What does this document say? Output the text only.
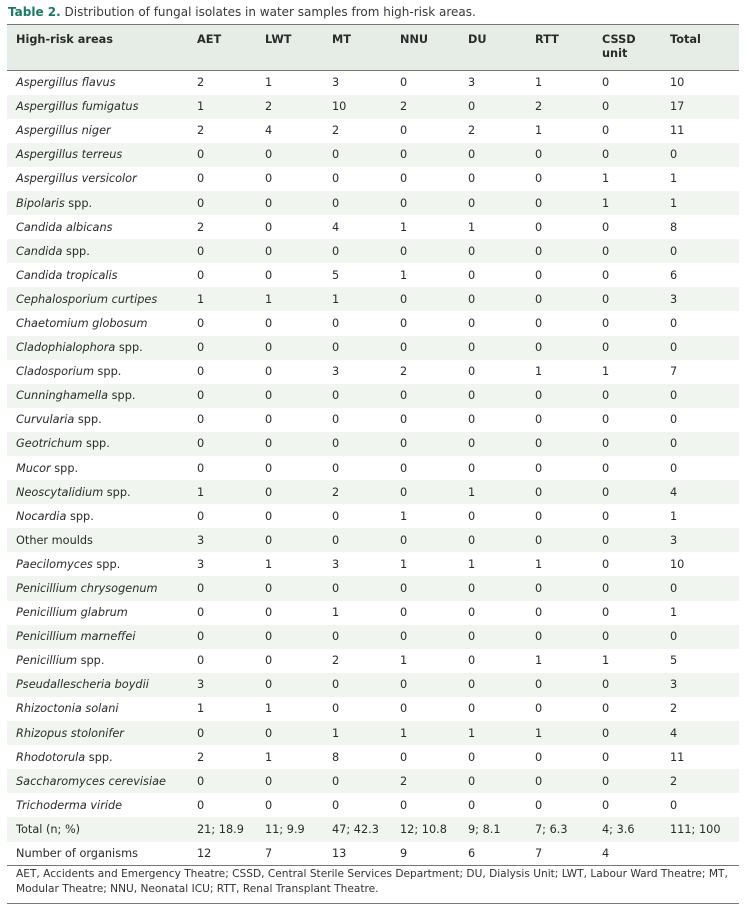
Table 2. Distribution of fungal isolates in water samples from high-risk areas.
High-risk areas	AET	LWT	MT	NNU	DU	RTT	CSSD unit	Total
Aspergillus flavus	2	1	3	0	3	1	0	10
Aspergillus fumigatus	1	2	10	2	0	2	0	17
Aspergillus niger	2	4	2	0	2	1	0	11
Aspergillus terreus	0	0	0	0	0	0	0	0
Aspergillus versicolor	0	0	0	0	0	0	1	1
Bipolaris spp.	0	0	0	0	0	0	1	1
Candida albicans	2	0	4	1	1	0	0	8
Candida spp.	0	0	0	0	0	0	0	0
Candida tropicalis	0	0	5	1	0	0	0	6
Cephalosporium curtipes	1	1	1	0	0	0	0	3
Chaetomium globosum	0	0	0	0	0	0	0	0
Cladophialophora spp.	0	0	0	0	0	0	0	0
Cladosporium spp.	0	0	3	2	0	1	1	7
Cunninghamella spp.	0	0	0	0	0	0	0	0
Curvularia spp.	0	0	0	0	0	0	0	0
Geotrichum spp.	0	0	0	0	0	0	0	0
Mucor spp.	0	0	0	0	0	0	0	0
Neoscytalidium spp.	1	0	2	0	1	0	0	4
Nocardia spp.	0	0	0	1	0	0	0	1
Other moulds	3	0	0	0	0	0	0	3
Paecilomyces spp.	3	1	3	1	1	1	0	10
Penicillium chrysogenum	0	0	0	0	0	0	0	0
Penicillium glabrum	0	0	1	0	0	0	0	1
Penicillium marneffei	0	0	0	0	0	0	0	0
Penicillium spp.	0	0	2	1	0	1	1	5
Pseudallescheria boydii	3	0	0	0	0	0	0	3
Rhizoctonia solani	1	1	0	0	0	0	0	2
Rhizopus stolonifer	0	0	1	1	1	1	0	4
Rhodotorula spp.	2	1	8	0	0	0	0	11
Saccharomyces cerevisiae	0	0	0	2	0	0	0	2
Trichoderma viride	0	0	0	0	0	0	0	0
Total (n; %)	21; 18.9	11; 9.9	47; 42.3	12; 10.8	9; 8.1	7; 6.3	4; 3.6	111; 100
Number of organisms	12	7	13	9	6	7	4	
AET, Accidents and Emergency Theatre; CSSD, Central Sterile Services Department; DU, Dialysis Unit; LWT, Labour Ward Theatre; MT, Modular Theatre; NNU, Neonatal ICU; RTT, Renal Transplant Theatre.
